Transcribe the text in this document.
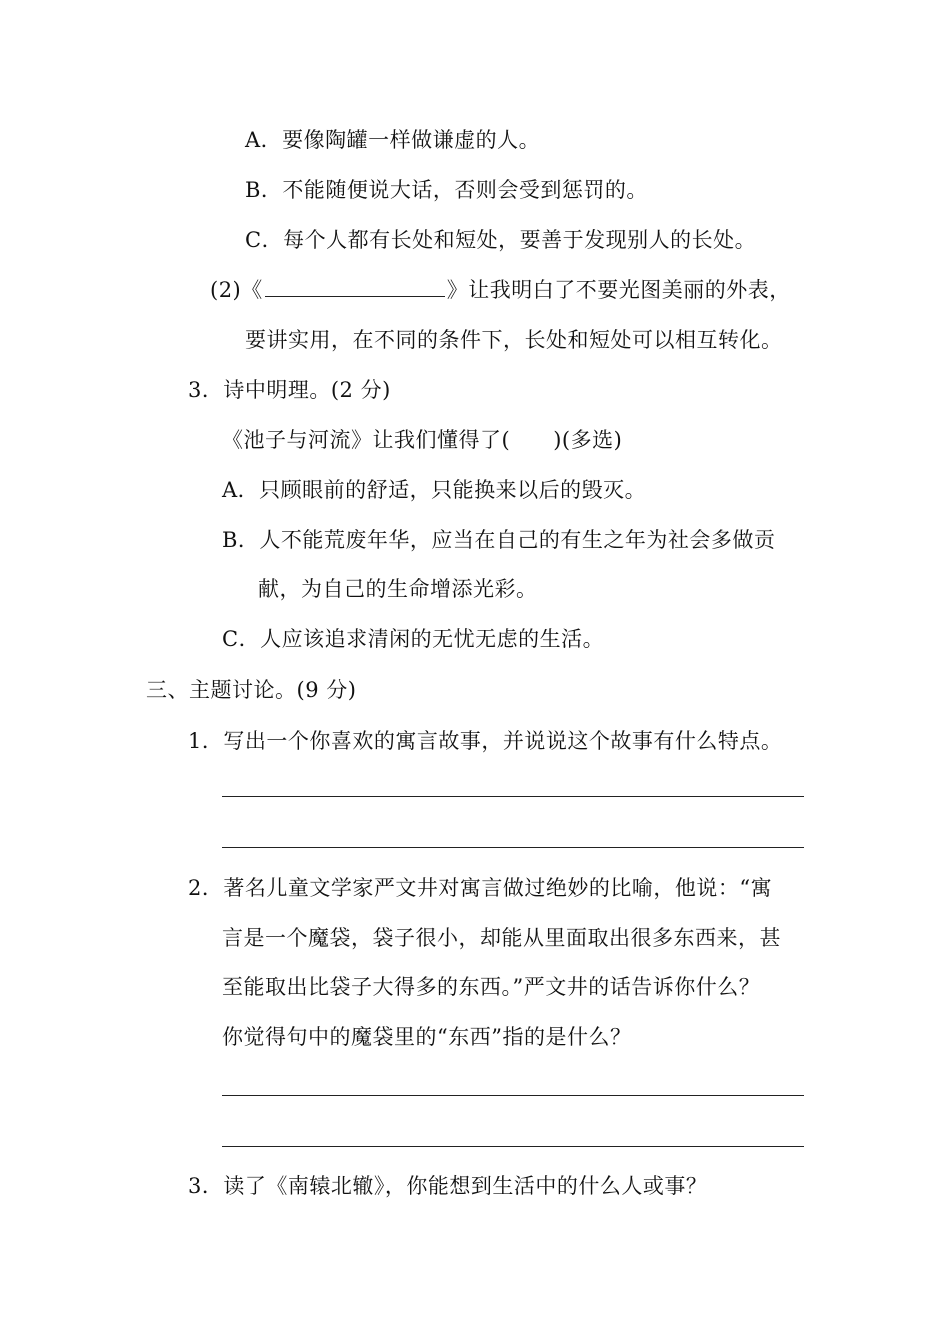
A．要像陶罐一样做谦虚的人。
B．不能随便说大话，否则会受到惩罚的。
C．每个人都有长处和短处，要善于发现别人的长处。
(2)《	》让我明白了不要光图美丽的外表，
要讲实用，在不同的条件下，长处和短处可以相互转化。
3．诗中明理。(2 分)
《池子与河流》让我们懂得了(　　)(多选)
A．只顾眼前的舒适，只能换来以后的毁灭。
B．人不能荒废年华，应当在自己的有生之年为社会多做贡
献，为自己的生命增添光彩。
C．人应该追求清闲的无忧无虑的生活。
三、主题讨论。(9 分)
1．写出一个你喜欢的寓言故事，并说说这个故事有什么特点。
2．著名儿童文学家严文井对寓言做过绝妙的比喻，他说：“寓
言是一个魔袋，袋子很小，却能从里面取出很多东西来，甚
至能取出比袋子大得多的东西。”严文井的话告诉你什么？
你觉得句中的魔袋里的“东西”指的是什么？
3．读了《南辕北辙》，你能想到生活中的什么人或事？
